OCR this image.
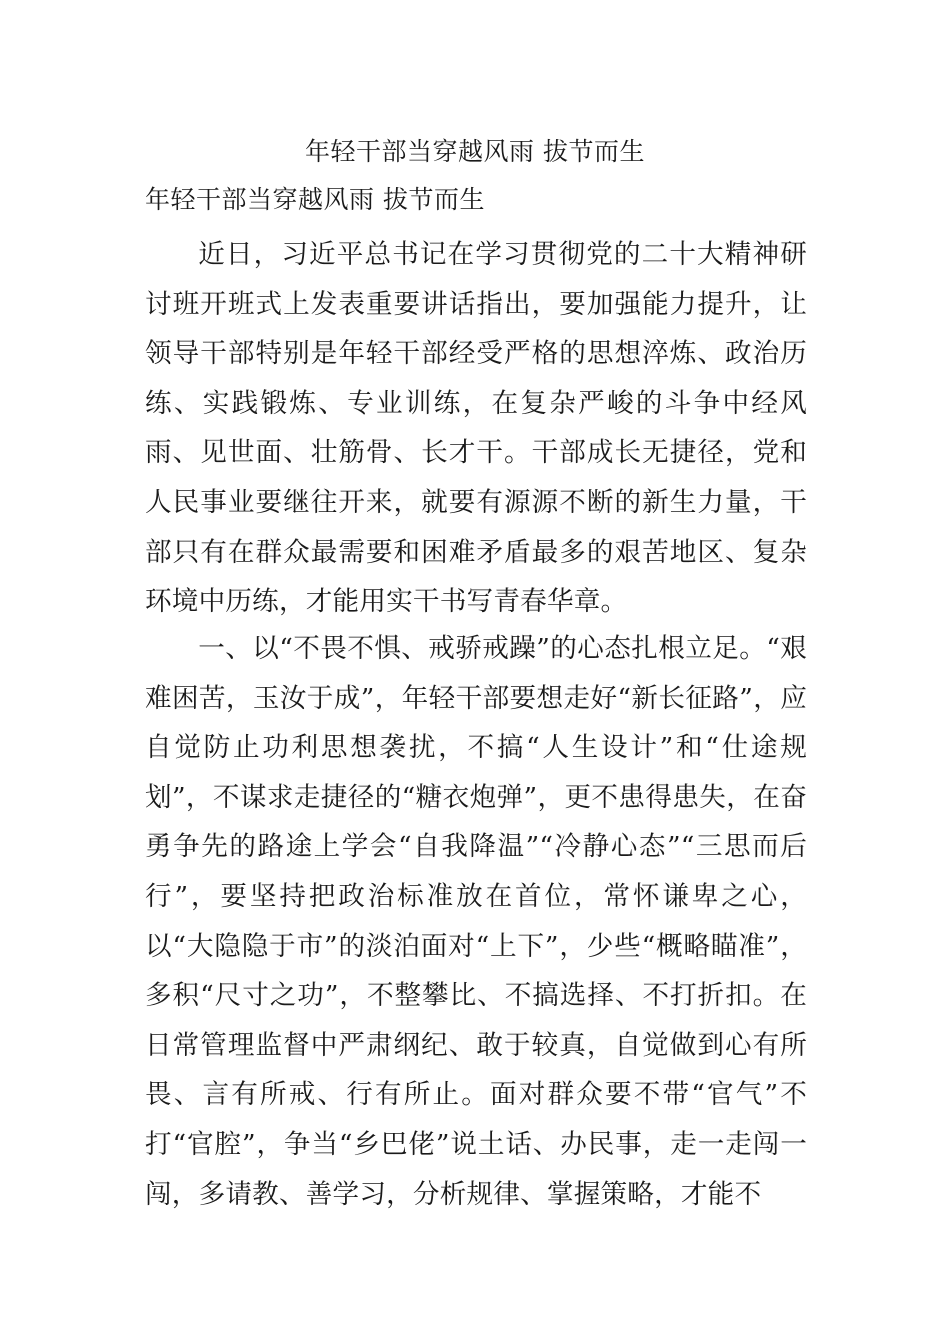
年轻干部当穿越风雨 拔节而生
年轻干部当穿越风雨 拔节而生

近日，习近平总书记在学习贯彻党的二十大精神研讨班开班式上发表重要讲话指出，要加强能力提升，让领导干部特别是年轻干部经受严格的思想淬炼、政治历练、实践锻炼、专业训练，在复杂严峻的斗争中经风雨、见世面、壮筋骨、长才干。干部成长无捷径，党和人民事业要继往开来，就要有源源不断的新生力量，干部只有在群众最需要和困难矛盾最多的艰苦地区、复杂环境中历练，才能用实干书写青春华章。

一、以“不畏不惧、戒骄戒躁”的心态扎根立足。“艰难困苦，玉汝于成”，年轻干部要想走好“新长征路”，应自觉防止功利思想袭扰，不搞“人生设计”和“仕途规划”，不谋求走捷径的“糖衣炮弹”，更不患得患失，在奋勇争先的路途上学会“自我降温”“冷静心态”“三思而后行”，要坚持把政治标准放在首位，常怀谦卑之心，以“大隐隐于市”的淡泊面对“上下”，少些“概略瞄准”，多积“尺寸之功”，不整攀比、不搞选择、不打折扣。在日常管理监督中严肃纲纪、敢于较真，自觉做到心有所畏、言有所戒、行有所止。面对群众要不带“官气”不打“官腔”，争当“乡巴佬”说土话、办民事，走一走闯一闯，多请教、善学习，分析规律、掌握策略，才能不
